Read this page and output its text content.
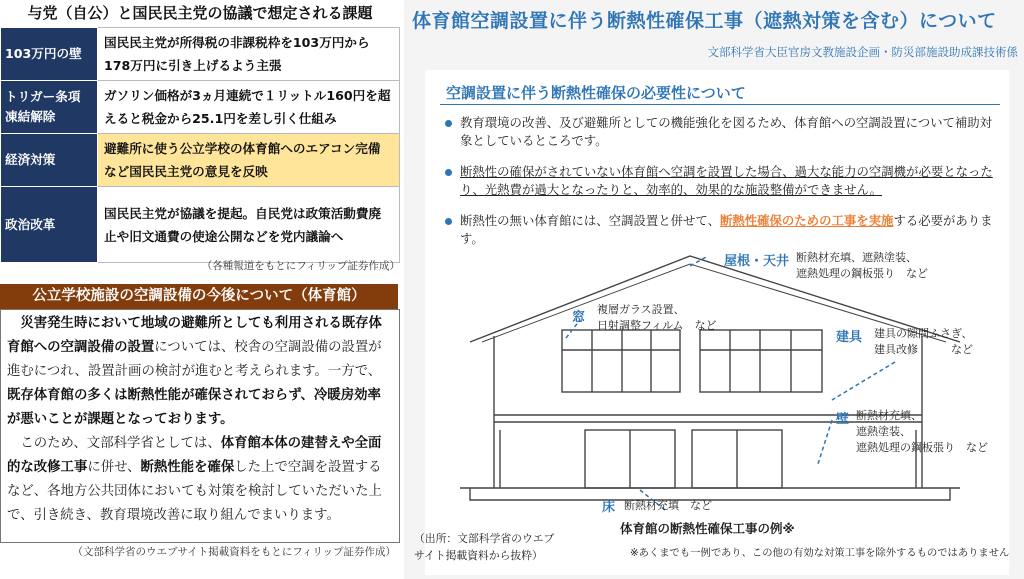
与党（自公）と国民民主党の協議で想定される課題
103万円の壁	国民民主党が所得税の非課税枠を103万円から178万円に引き上げるよう主張
トリガー条項凍結解除	ガソリン価格が3ヵ月連続で１リットル160円を超えると税金から25.1円を差し引く仕組み
経済対策	避難所に使う公立学校の体育館へのエアコン完備など国民民主党の意見を反映
政治改革	国民民主党が協議を提起。自民党は政策活動費廃止や旧文通費の使途公開などを党内議論へ
（各種報道をもとにフィリップ証券作成）
公立学校施設の空調設備の今後について（体育館）

災害発生時において地域の避難所としても利用される既存体育館への空調設備の設置については、校舎の空調設備の設置が進むにつれ、設置計画の検討が進むと考えられます。一方で、既存体育館の多くは断熱性能が確保されておらず、冷暖房効率が悪いことが課題となっております。

このため、文部科学省としては、体育館本体の建替えや全面的な改修工事に併せ、断熱性能を確保した上で空調を設置するなど、各地方公共団体においても対策を検討していただいた上で、引き続き、教育環境改善に取り組んでまいります。

（文部科学省のウエブサイト掲載資料をもとにフィリップ証券作成）
体育館空調設置に伴う断熱性確保工事（遮熱対策を含む）について
文部科学省大臣官房文教施設企画・防災部施設助成課技術係
空調設置に伴う断熱性確保の必要性について
教育環境の改善、及び避難所としての機能強化を図るため、体育館への空調設置について補助対象としているところです。
断熱性の確保がされていない体育館へ空調を設置した場合、過大な能力の空調機が必要となったり、光熱費が過大となったりと、効率的、効果的な施設整備ができません。
断熱性の無い体育館には、空調設置と併せて、断熱性確保のための工事を実施する必要があります。
屋根・天井 断熱材充填、遮熱塗装、
遮熱処理の鋼板張り　など
窓
複層ガラス設置、
日射調整フィルム　など
建具 建具の隙間ふさぎ、
建具改修　　　など
壁 断熱材充填、
遮熱塗装、
遮熱処理の鋼板張り　など
床 断熱材充填　など
体育館の断熱性確保工事の例※
（出所：文部科学省のウエブ
サイト掲載資料から抜粋）	※あくまでも一例であり、この他の有効な対策工事を除外するものではありません
